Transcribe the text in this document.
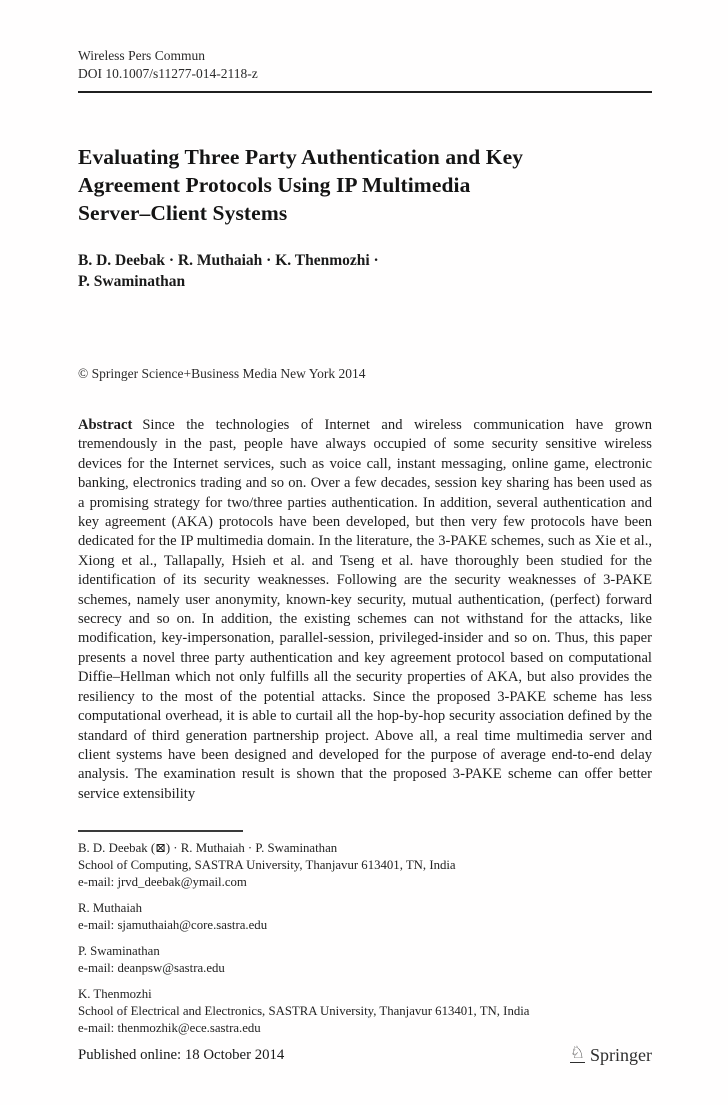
Wireless Pers Commun
DOI 10.1007/s11277-014-2118-z
Evaluating Three Party Authentication and Key
Agreement Protocols Using IP Multimedia
Server–Client Systems
B. D. Deebak · R. Muthaiah · K. Thenmozhi ·
P. Swaminathan
© Springer Science+Business Media New York 2014
Abstract Since the technologies of Internet and wireless communication have grown tremendously in the past, people have always occupied of some security sensitive wireless devices for the Internet services, such as voice call, instant messaging, online game, electronic banking, electronics trading and so on. Over a few decades, session key sharing has been used as a promising strategy for two/three parties authentication. In addition, several authentication and key agreement (AKA) protocols have been developed, but then very few protocols have been dedicated for the IP multimedia domain. In the literature, the 3-PAKE schemes, such as Xie et al., Xiong et al., Tallapally, Hsieh et al. and Tseng et al. have thoroughly been studied for the identification of its security weaknesses. Following are the security weaknesses of 3-PAKE schemes, namely user anonymity, known-key security, mutual authentication, (perfect) forward secrecy and so on. In addition, the existing schemes can not withstand for the attacks, like modification, key-impersonation, parallel-session, privileged-insider and so on. Thus, this paper presents a novel three party authentication and key agreement protocol based on computational Diffie–Hellman which not only fulfills all the security properties of AKA, but also provides the resiliency to the most of the potential attacks. Since the proposed 3-PAKE scheme has less computational overhead, it is able to curtail all the hop-by-hop security association defined by the standard of third generation partnership project. Above all, a real time multimedia server and client systems have been designed and developed for the purpose of average end-to-end delay analysis. The examination result is shown that the proposed 3-PAKE scheme can offer better service extensibility
B. D. Deebak (⊠) · R. Muthaiah · P. Swaminathan
School of Computing, SASTRA University, Thanjavur 613401, TN, India
e-mail: jrvd_deebak@ymail.com
R. Muthaiah
e-mail: sjamuthaiah@core.sastra.edu
P. Swaminathan
e-mail: deanpsw@sastra.edu
K. Thenmozhi
School of Electrical and Electronics, SASTRA University, Thanjavur 613401, TN, India
e-mail: thenmozhik@ece.sastra.edu
Published online: 18 October 2014	♘ Springer
